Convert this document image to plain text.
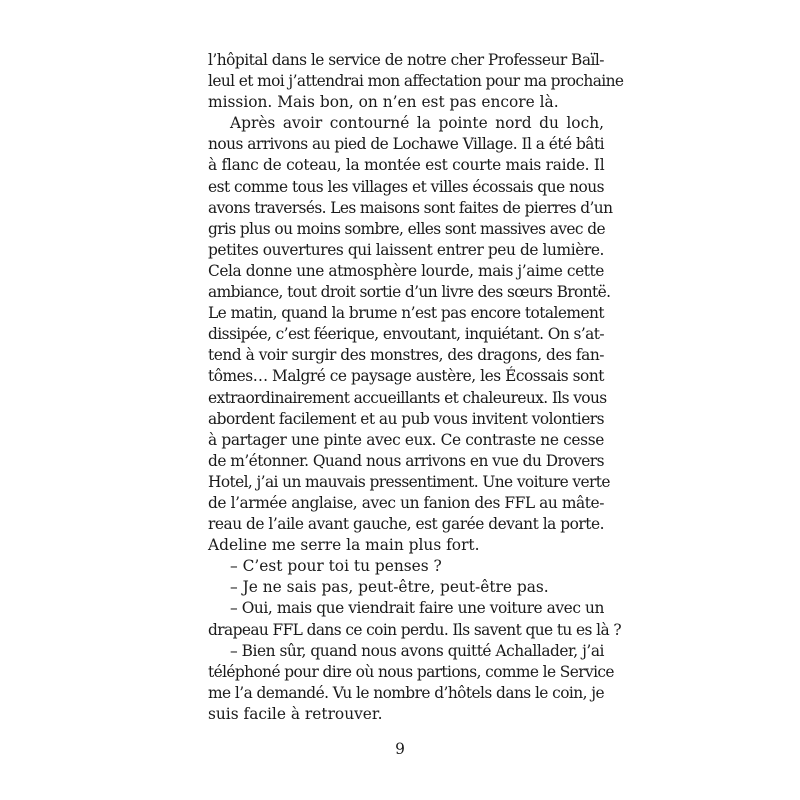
l’hôpital dans le service de notre cher Professeur Baïl-
leul et moi j’attendrai mon affectation pour ma prochaine
mission. Mais bon, on n’en est pas encore là.
Après avoir contourné la pointe nord du loch,
nous arrivons au pied de Lochawe Village. Il a été bâti
à flanc de coteau, la montée est courte mais raide. Il
est comme tous les villages et villes écossais que nous
avons traversés. Les maisons sont faites de pierres d’un
gris plus ou moins sombre, elles sont massives avec de
petites ouvertures qui laissent entrer peu de lumière.
Cela donne une atmosphère lourde, mais j’aime cette
ambiance, tout droit sortie d’un livre des sœurs Brontë.
Le matin, quand la brume n’est pas encore totalement
dissipée, c’est féerique, envoutant, inquiétant. On s’at-
tend à voir surgir des monstres, des dragons, des fan-
tômes… Malgré ce paysage austère, les Écossais sont
extraordinairement accueillants et chaleureux. Ils vous
abordent facilement et au pub vous invitent volontiers
à partager une pinte avec eux. Ce contraste ne cesse
de m’étonner. Quand nous arrivons en vue du Drovers
Hotel, j’ai un mauvais pressentiment. Une voiture verte
de l’armée anglaise, avec un fanion des FFL au mâte-
reau de l’aile avant gauche, est garée devant la porte.
Adeline me serre la main plus fort.
– C’est pour toi tu penses ?
– Je ne sais pas, peut-être, peut-être pas.
– Oui, mais que viendrait faire une voiture avec un
drapeau FFL dans ce coin perdu. Ils savent que tu es là ?
– Bien sûr, quand nous avons quitté Achallader, j’ai
téléphoné pour dire où nous partions, comme le Service
me l’a demandé. Vu le nombre d’hôtels dans le coin, je
suis facile à retrouver.
9
